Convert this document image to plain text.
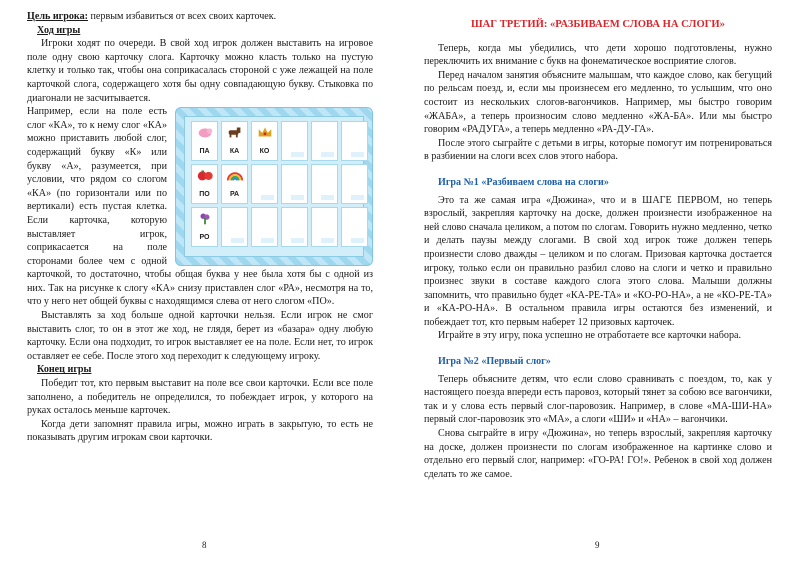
Цель игрока: первым избавиться от всех своих карточек.

Ход игры

Игроки ходят по очереди. В свой ход игрок должен выставить на игровое поле одну свою карточку слога. Карточку можно класть только на пустую клетку и только так, чтобы она соприкасалась стороной с уже лежащей на поле карточкой слога, содержащего хотя бы одну совпадающую букву. Стыковка по диагонали не засчитывается.

ПА	КА	КО
ПО	РА
РО

Например, если на поле есть слог «КА», то к нему слог «КА» можно приставить любой слог, содержащий букву «К» или букву «А», разумеется, при условии, что рядом со слогом «КА» (по горизонтали или по вертикали) есть пустая клетка. Если карточка, которую выставляет игрок, соприкасается на поле сторонами более чем с одной карточкой, то достаточно, чтобы общая буква у нее была хотя бы с одной из них. Так на рисунке к слогу «КА» снизу приставлен слог «РА», несмотря на то, что у него нет общей буквы с находящимся слева от него слогом «ПО».

Выставлять за ход больше одной карточки нельзя. Если игрок не смог выставить слог, то он в этот же ход, не глядя, берет из «базара» одну любую карточку. Если она подходит, то игрок выставляет ее на поле. Если нет, то игрок оставляет ее себе. После этого ход переходит к следующему игроку.

Конец игры

Победит тот, кто первым выставит на поле все свои карточки. Если все поле заполнено, а победитель не определился, то побеждает игрок, у которого на руках осталось меньше карточек.

Когда дети запомнят правила игры, можно играть в закрытую, то есть не показывать другим игрокам свои карточки.

8

ШАГ ТРЕТИЙ: «РАЗБИВАЕМ СЛОВА НА СЛОГИ»

Теперь, когда мы убедились, что дети хорошо подготовлены, нужно переключить их внимание с букв на фонематическое восприятие слогов.

Перед началом занятия объясните малышам, что каждое слово, как бегущий по рельсам поезд, и, если мы произнесем его медленно, то услышим, что оно состоит из нескольких слогов-вагончиков. Например, мы быстро говорим «ЖАБА», а теперь произносим слово медленно «ЖА-БА». Или мы быстро говорим «РАДУГА», а теперь медленно «РА-ДУ-ГА».

После этого сыграйте с детьми в игры, которые помогут им потренироваться в разбиении на слоги всех слов этого набора.

Игра №1 «Разбиваем слова на слоги»

Это та же самая игра «Дюжина», что и в ШАГЕ ПЕРВОМ, но теперь взрослый, закрепляя карточку на доске, должен произнести изображенное на ней слово сначала целиком, а потом по слогам. Говорить нужно медленно, четко и делать паузы между слогами. В свой ход игрок тоже должен теперь произнести слово дважды – целиком и по слогам. Призовая карточка достается игроку, только если он правильно разбил слово на слоги и четко и правильно произнес звуки в составе каждого слога этого слова. Малыши должны запомнить, что правильно будет «КА-РЕ-ТА» и «КО-РО-НА», а не «КО-РЕ-ТА» и «КА-РО-НА». В остальном правила игры остаются без изменений, и побеждает тот, кто первым наберет 12 призовых карточек.

Играйте в эту игру, пока успешно не отработаете все карточки набора.

Игра №2 «Первый слог»

Теперь объясните детям, что если слово сравнивать с поездом, то, как у настоящего поезда впереди есть паровоз, который тянет за собою все вагончики, так и у слова есть первый слог-паровозик. Например, в слове «МА-ШИ-НА» первый слог-паровозик это «МА», а слоги «ШИ» и «НА» – вагончики.

Снова сыграйте в игру «Дюжина», но теперь взрослый, закрепляя карточку на доске, должен произнести по слогам изображенное на картинке слово и отдельно его первый слог, например: «ГО-РА! ГО!». Ребенок в свой ход должен сделать то же самое.

9
